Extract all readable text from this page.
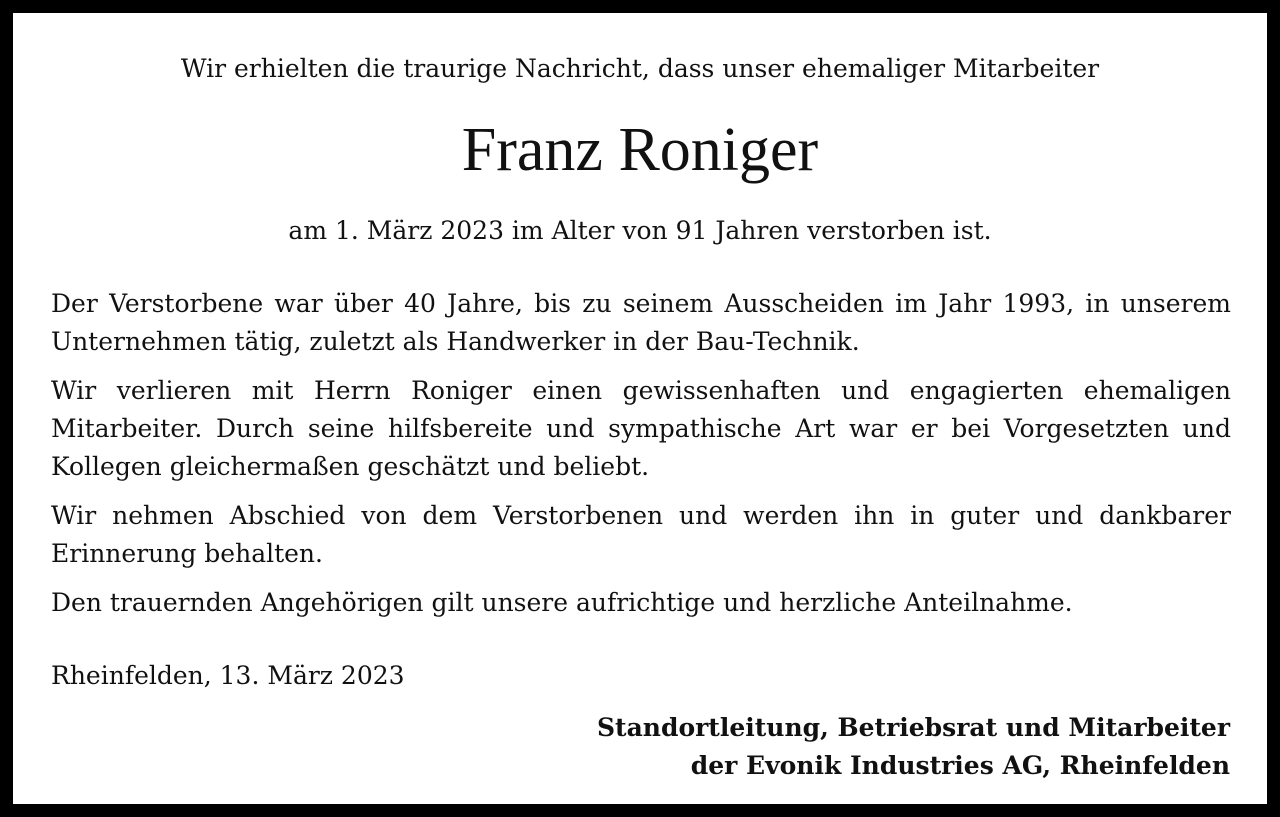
Wir erhielten die traurige Nachricht, dass unser ehemaliger Mitarbeiter
Franz Roniger
am 1. März 2023 im Alter von 91 Jahren verstorben ist.

Der Verstorbene war über 40 Jahre, bis zu seinem Ausscheiden im Jahr 1993, in unserem Unternehmen tätig, zuletzt als Handwerker in der Bau-Technik.

Wir verlieren mit Herrn Roniger einen gewissenhaften und engagierten ehemaligen Mitarbeiter. Durch seine hilfsbereite und sympathische Art war er bei Vorgesetzten und Kollegen gleichermaßen geschätzt und beliebt.

Wir nehmen Abschied von dem Verstorbenen und werden ihn in guter und dankbarer Erinnerung behalten.

Den trauernden Angehörigen gilt unsere aufrichtige und herzliche Anteilnahme.

Rheinfelden, 13. März 2023
Standortleitung, Betriebsrat und Mitarbeiter
der Evonik Industries AG, Rheinfelden
